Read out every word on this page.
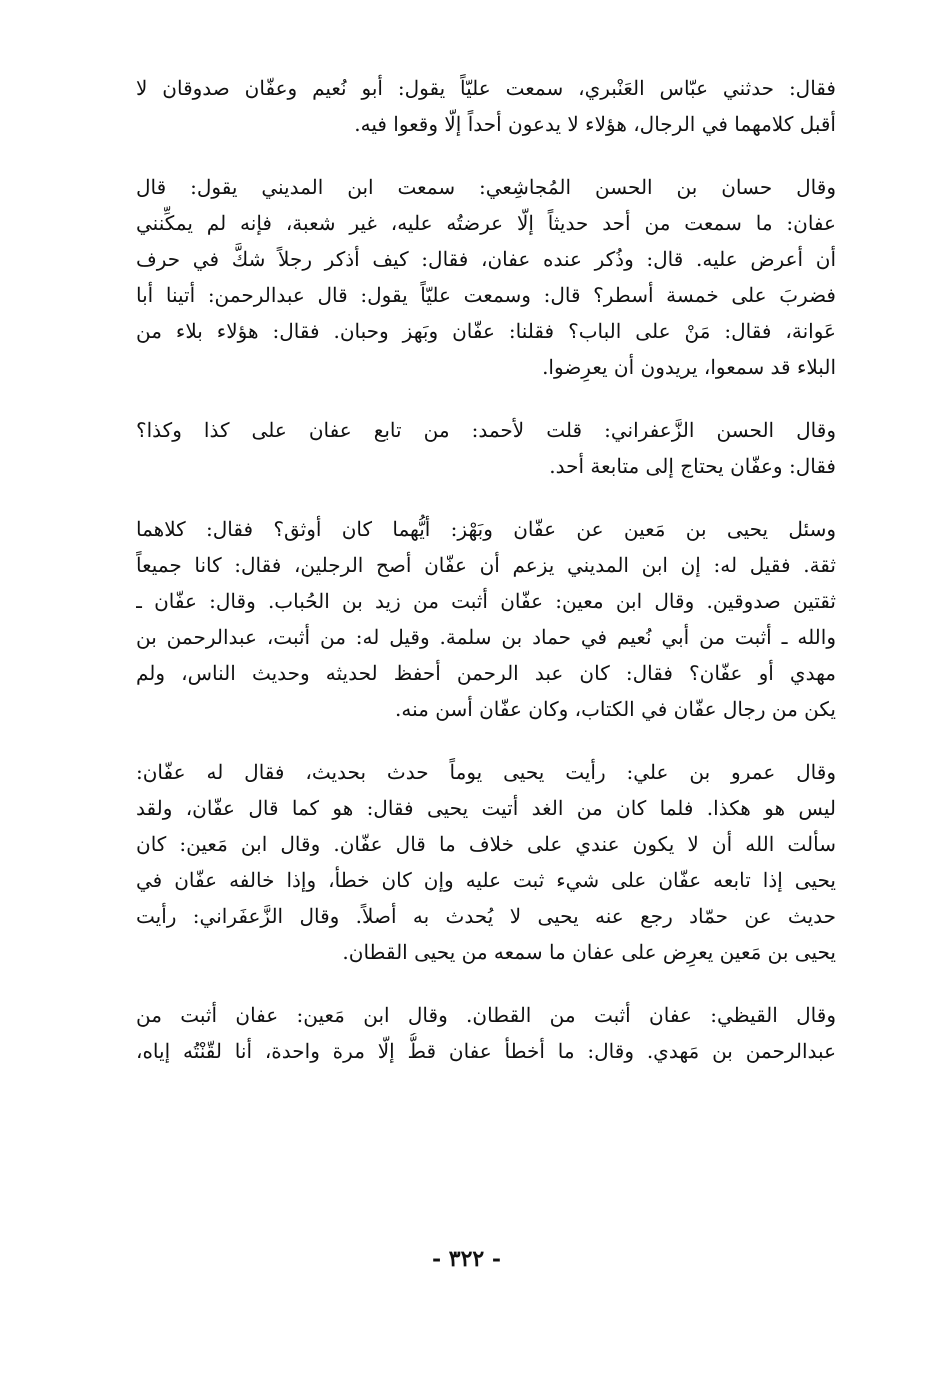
فقال: حدثني عبّاس العَنْبري، سمعت عليّاً يقول: أبو نُعيم وعفّان صدوقان لا
أقبل كلامهما في الرجال، هؤلاء لا يدعون أحداً إلّا وقعوا فيه.
وقال حسان بن الحسن المُجاشِعي: سمعت ابن المديني يقول: قال
عفان: ما سمعت من أحد حديثاً إلّا عرضتُه عليه، غير شعبة، فإنه لم يمكِّنني
أن أعرض عليه. قال: وذُكر عنده عفان، فقال: كيف أذكر رجلاً شكَّ في حرف
فضربَ على خمسة أسطر؟ قال: وسمعت عليّاً يقول: قال عبدالرحمن: أتينا أبا
عَوانة، فقال: مَنْ على الباب؟ فقلنا: عفّان وبَهز وحبان. فقال: هؤلاء بلاء من
البلاء قد سمعوا، يريدون أن يعرِضوا.
وقال الحسن الزَّعفراني: قلت لأحمد: من تابع عفان على كذا وكذا؟
فقال: وعفّان يحتاج إلى متابعة أحد.
وسئل يحيى بن مَعين عن عفّان وبَهْز: أيُّهما كان أوثق؟ فقال: كلاهما
ثقة. فقيل له: إن ابن المديني يزعم أن عفّان أصح الرجلين، فقال: كانا جميعاً
ثقتين صدوقين. وقال ابن معين: عفّان أثبت من زيد بن الحُباب. وقال: عفّان ـ
والله ـ أثبت من أبي نُعيم في حماد بن سلمة. وقيل له: من أثبت، عبدالرحمن بن
مهدي أو عفّان؟ فقال: كان عبد الرحمن أحفظ لحديثه وحديث الناس، ولم
يكن من رجال عفّان في الكتاب، وكان عفّان أسن منه.
وقال عمرو بن علي: رأيت يحيى يوماً حدث بحديث، فقال له عفّان:
ليس هو هكذا. فلما كان من الغد أتيت يحيى فقال: هو كما قال عفّان، ولقد
سألت الله أن لا يكون عندي على خلاف ما قال عفّان. وقال ابن مَعين: كان
يحيى إذا تابعه عفّان على شيء ثبت عليه وإن كان خطأ، وإذا خالفه عفّان في
حديث عن حمّاد رجع عنه يحيى لا يُحدث به أصلاً. وقال الزَّعفَراني: رأيت
يحيى بن مَعين يعرِض على عفان ما سمعه من يحيى القطان.
وقال القيظي: عفان أثبت من القطان. وقال ابن مَعين: عفان أثبت من
عبدالرحمن بن مَهدي. وقال: ما أخطأ عفان قطُّ إلّا مرة واحدة، أنا لقّنْتُه إياه،
- ٣٢٢ -
